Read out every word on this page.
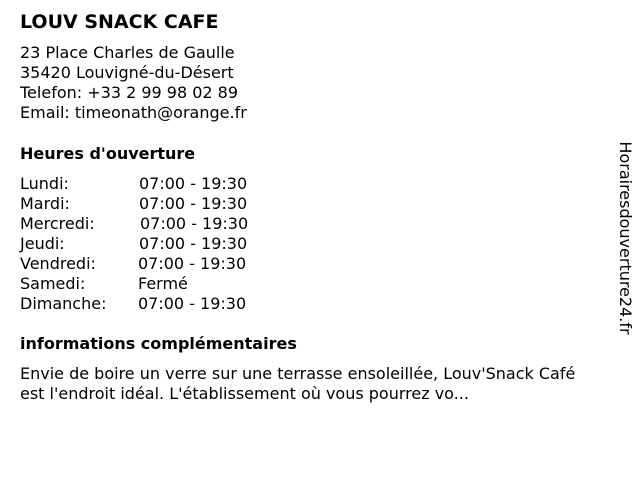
LOUV SNACK CAFE
23 Place Charles de Gaulle
35420 Louvigné-du-Désert
Telefon: +33 2 99 98 02 89
Email: timeonath@orange.fr
Heures d'ouverture
Lundi:	07:00 - 19:30
Mardi:	07:00 - 19:30
Mercredi:	07:00 - 19:30
Jeudi:	07:00 - 19:30
Vendredi:	07:00 - 19:30
Samedi:	Fermé
Dimanche: 07:00 - 19:30
informations complémentaires
Envie de boire un verre sur une terrasse ensoleillée, Louv'Snack Café est l'endroit idéal. L'établissement où vous pourrez vo...
Horairesdouverture24.fr
